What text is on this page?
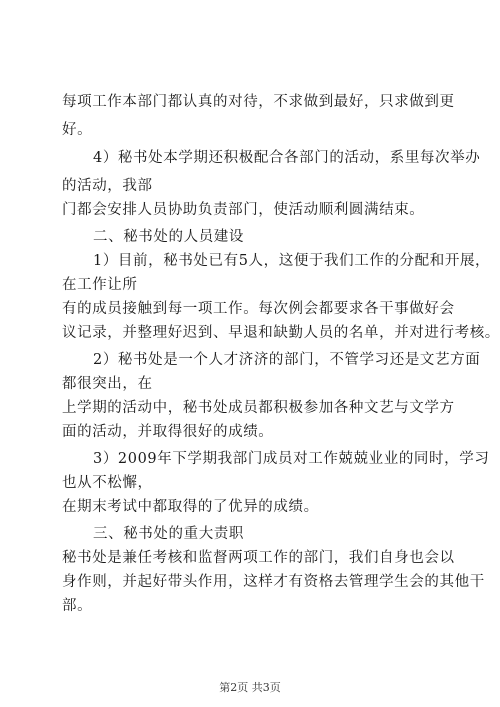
每项工作本部门都认真的对待，不求做到最好，只求做到更
好。
4）秘书处本学期还积极配合各部门的活动，系里每次举办
的活动，我部
门都会安排人员协助负责部门，使活动顺利圆满结束。
二、秘书处的人员建设
1）目前，秘书处已有5人，这便于我们工作的分配和开展，
在工作让所
有的成员接触到每一项工作。每次例会都要求各干事做好会
议记录，并整理好迟到、早退和缺勤人员的名单，并对进行考核。
2）秘书处是一个人才济济的部门，不管学习还是文艺方面
都很突出，在
上学期的活动中，秘书处成员都积极参加各种文艺与文学方
面的活动，并取得很好的成绩。
3）2009年下学期我部门成员对工作兢兢业业的同时，学习
也从不松懈，
在期末考试中都取得的了优异的成绩。
三、秘书处的重大责职
秘书处是兼任考核和监督两项工作的部门，我们自身也会以
身作则，并起好带头作用，这样才有资格去管理学生会的其他干
部。
第2页 共3页
